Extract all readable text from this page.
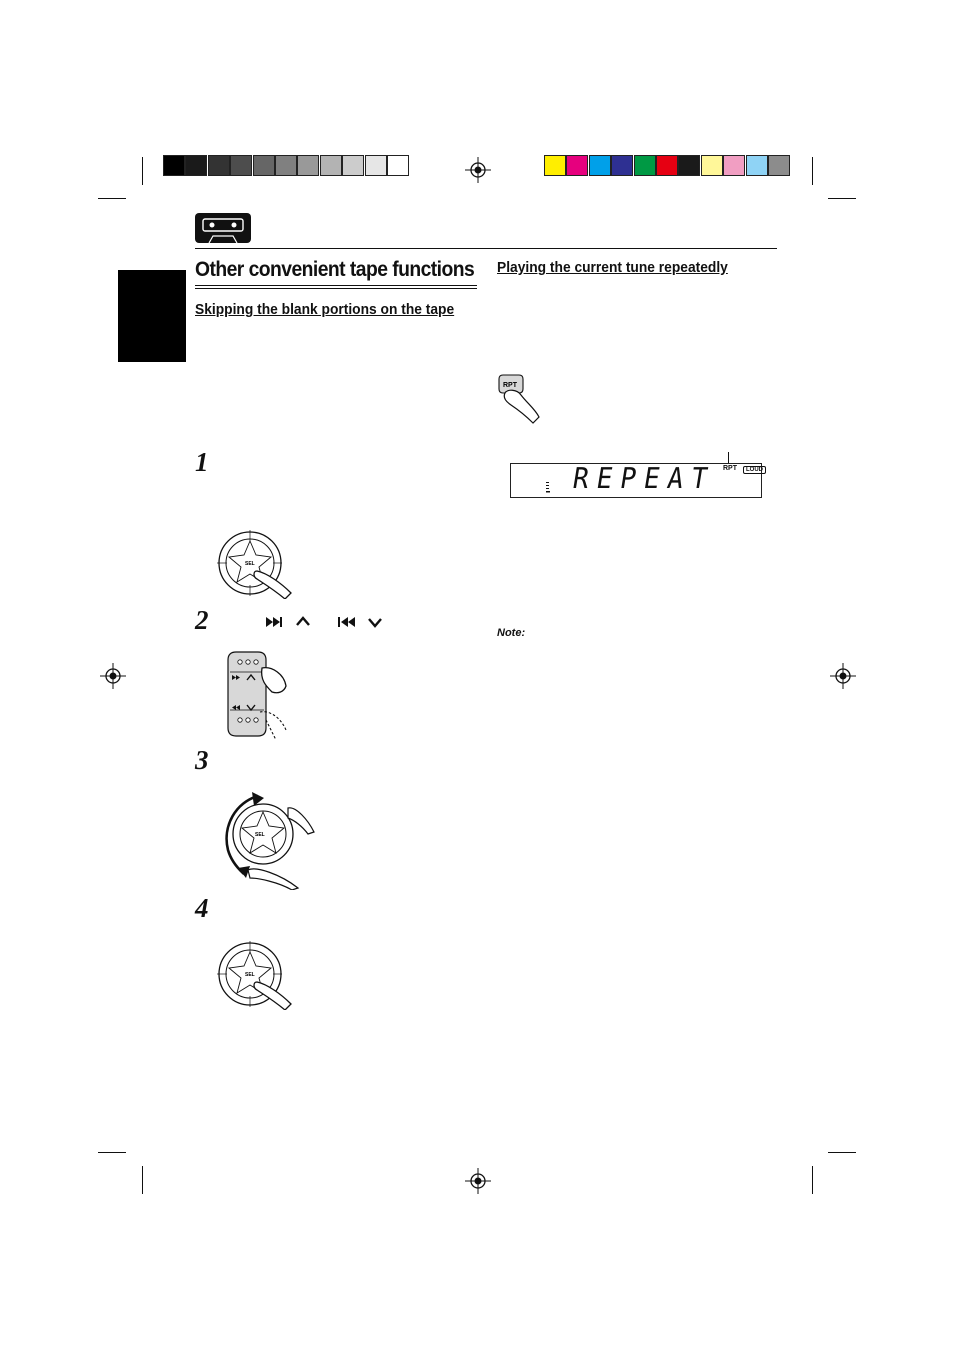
Other convenient tape functions
Skipping the blank portions on the tape
Playing the current tune repeatedly
1
2
3
4
SEL
SEL
SEL
RPT
REPEAT RPT	LOUD
Note:
